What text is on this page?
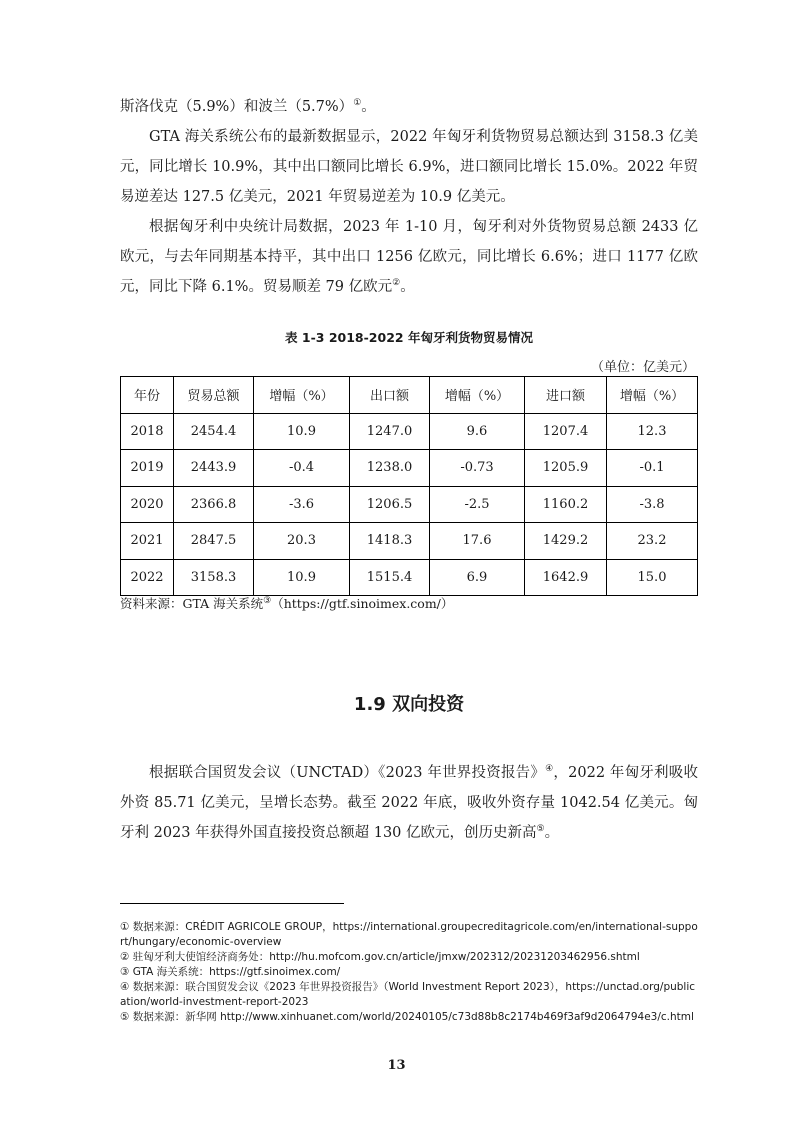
斯洛伐克（5.9%）和波兰（5.7%）①。

GTA 海关系统公布的最新数据显示，2022 年匈牙利货物贸易总额达到 3158.3 亿美元，同比增长 10.9%，其中出口额同比增长 6.9%，进口额同比增长 15.0%。2022 年贸易逆差达 127.5 亿美元，2021 年贸易逆差为 10.9 亿美元。

根据匈牙利中央统计局数据，2023 年 1-10 月，匈牙利对外货物贸易总额 2433 亿欧元，与去年同期基本持平，其中出口 1256 亿欧元，同比增长 6.6%；进口 1177 亿欧元，同比下降 6.1%。贸易顺差 79 亿欧元②。

表 1-3 2018-2022 年匈牙利货物贸易情况
（单位：亿美元）
年份	贸易总额	增幅（%）	出口额	增幅（%）	进口额	增幅（%）
2018	2454.4	10.9	1247.0	9.6	1207.4	12.3
2019	2443.9	-0.4	1238.0	-0.73	1205.9	-0.1
2020	2366.8	-3.6	1206.5	-2.5	1160.2	-3.8
2021	2847.5	20.3	1418.3	17.6	1429.2	23.2
2022	3158.3	10.9	1515.4	6.9	1642.9	15.0
资料来源：GTA 海关系统③（https://gtf.sinoimex.com/）
1.9 双向投资

根据联合国贸发会议（UNCTAD）《2023 年世界投资报告》④，2022 年匈牙利吸收外资 85.71 亿美元，呈增长态势。截至 2022 年底，吸收外资存量 1042.54 亿美元。匈牙利 2023 年获得外国直接投资总额超 130 亿欧元，创历史新高⑤。

① 数据来源：CRÉDIT AGRICOLE GROUP，https://international.groupecreditagricole.com/en/international-support/hungary/economic-overview
② 驻匈牙利大使馆经济商务处：http://hu.mofcom.gov.cn/article/jmxw/202312/20231203462956.shtml
③ GTA 海关系统：https://gtf.sinoimex.com/
④ 数据来源：联合国贸发会议《2023 年世界投资报告》（World Investment Report 2023），https://unctad.org/publication/world-investment-report-2023
⑤ 数据来源：新华网 http://www.xinhuanet.com/world/20240105/c73d88b8c2174b469f3af9d2064794e3/c.html
13
